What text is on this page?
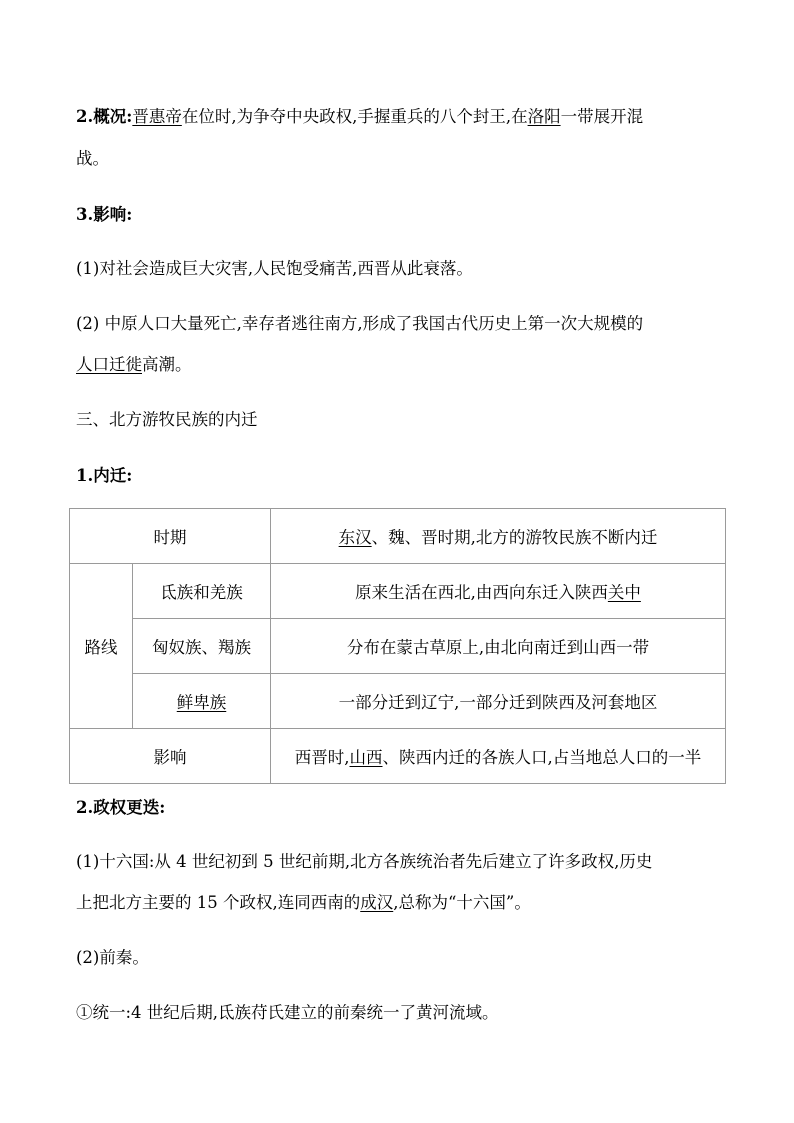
2.概况:晋惠帝在位时,为争夺中央政权,手握重兵的八个封王,在洛阳一带展开混
战。
3.影响:
(1)对社会造成巨大灾害,人民饱受痛苦,西晋从此衰落。
(2) 中原人口大量死亡,幸存者逃往南方,形成了我国古代历史上第一次大规模的
人口迁徙高潮。
三、北方游牧民族的内迁
1.内迁:
时期		东汉、魏、晋时期,北方的游牧民族不断内迁
路线	氐族和羌族	原来生活在西北,由西向东迁入陕西关中
	匈奴族、羯族	分布在蒙古草原上,由北向南迁到山西一带
	鲜卑族	一部分迁到辽宁,一部分迁到陕西及河套地区
影响		西晋时,山西、陕西内迁的各族人口,占当地总人口的一半
2.政权更迭:
(1)十六国:从 4 世纪初到 5 世纪前期,北方各族统治者先后建立了许多政权,历史
上把北方主要的 15 个政权,连同西南的成汉,总称为“十六国”。
(2)前秦。
①统一:4 世纪后期,氐族苻氏建立的前秦统一了黄河流域。
